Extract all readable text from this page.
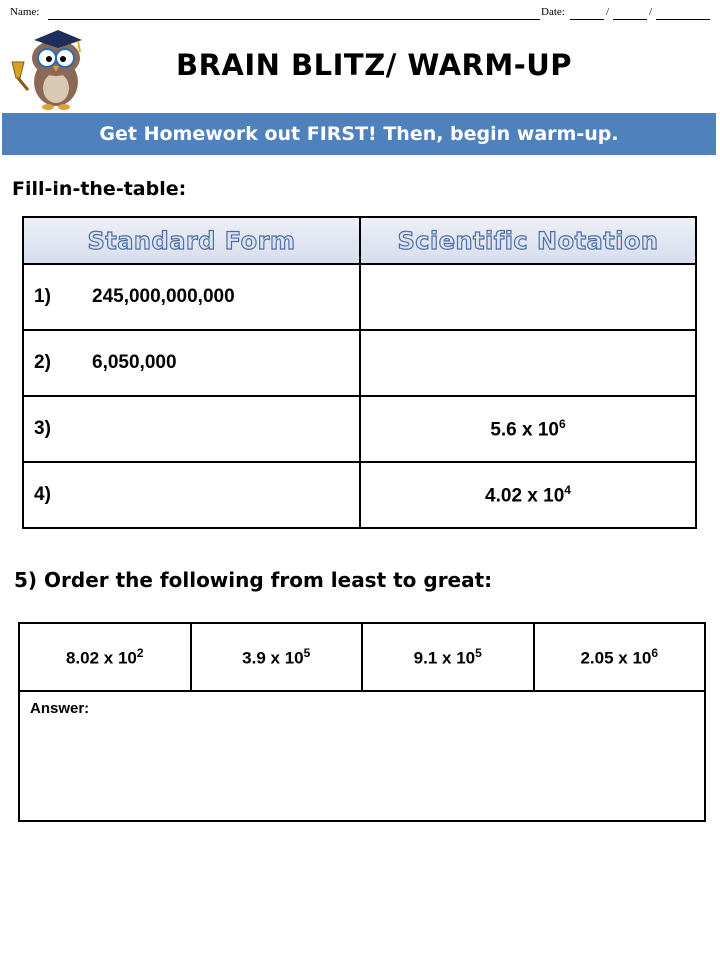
Name:	Date:	/	/
BRAIN BLITZ/ WARM-UP
Get Homework out FIRST! Then, begin warm-up.
Fill-in-the-table:
Standard Form	Scientific Notation
1) 245,000,000,000	
2) 6,050,000	
3)	5.6 x $10^6$
4)	4.02 x $10^4$
5) Order the following from least to great:
8.02 x $10^2$	3.9 x $10^5$	9.1 x $10^5$	2.05 x $10^6$
Answer:
